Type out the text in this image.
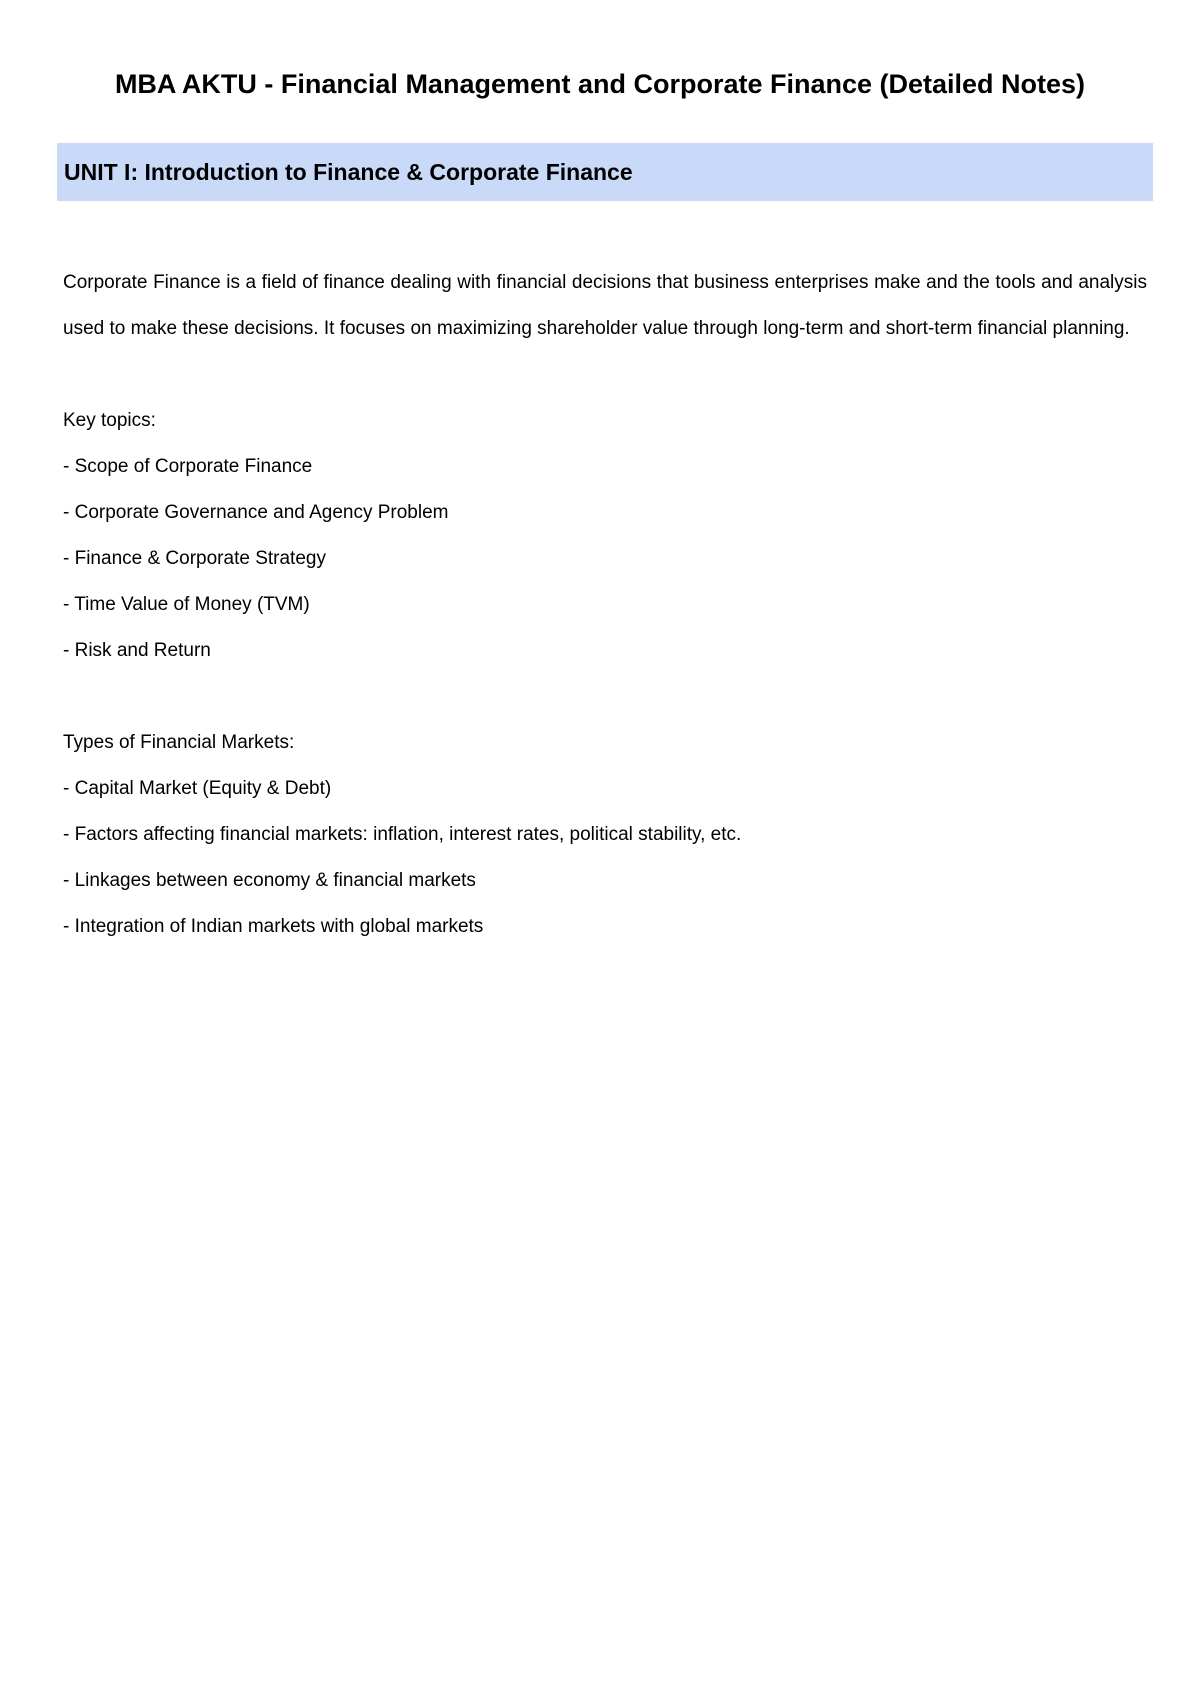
MBA AKTU - Financial Management and Corporate Finance (Detailed Notes)
UNIT I: Introduction to Finance & Corporate Finance

Corporate Finance is a field of finance dealing with financial decisions that business enterprises make and the tools and analysis used to make these decisions. It focuses on maximizing shareholder value through long-term and short-term financial planning.

Key topics:

- Scope of Corporate Finance

- Corporate Governance and Agency Problem

- Finance & Corporate Strategy

- Time Value of Money (TVM)

- Risk and Return

Types of Financial Markets:

- Capital Market (Equity & Debt)

- Factors affecting financial markets: inflation, interest rates, political stability, etc.

- Linkages between economy & financial markets

- Integration of Indian markets with global markets
